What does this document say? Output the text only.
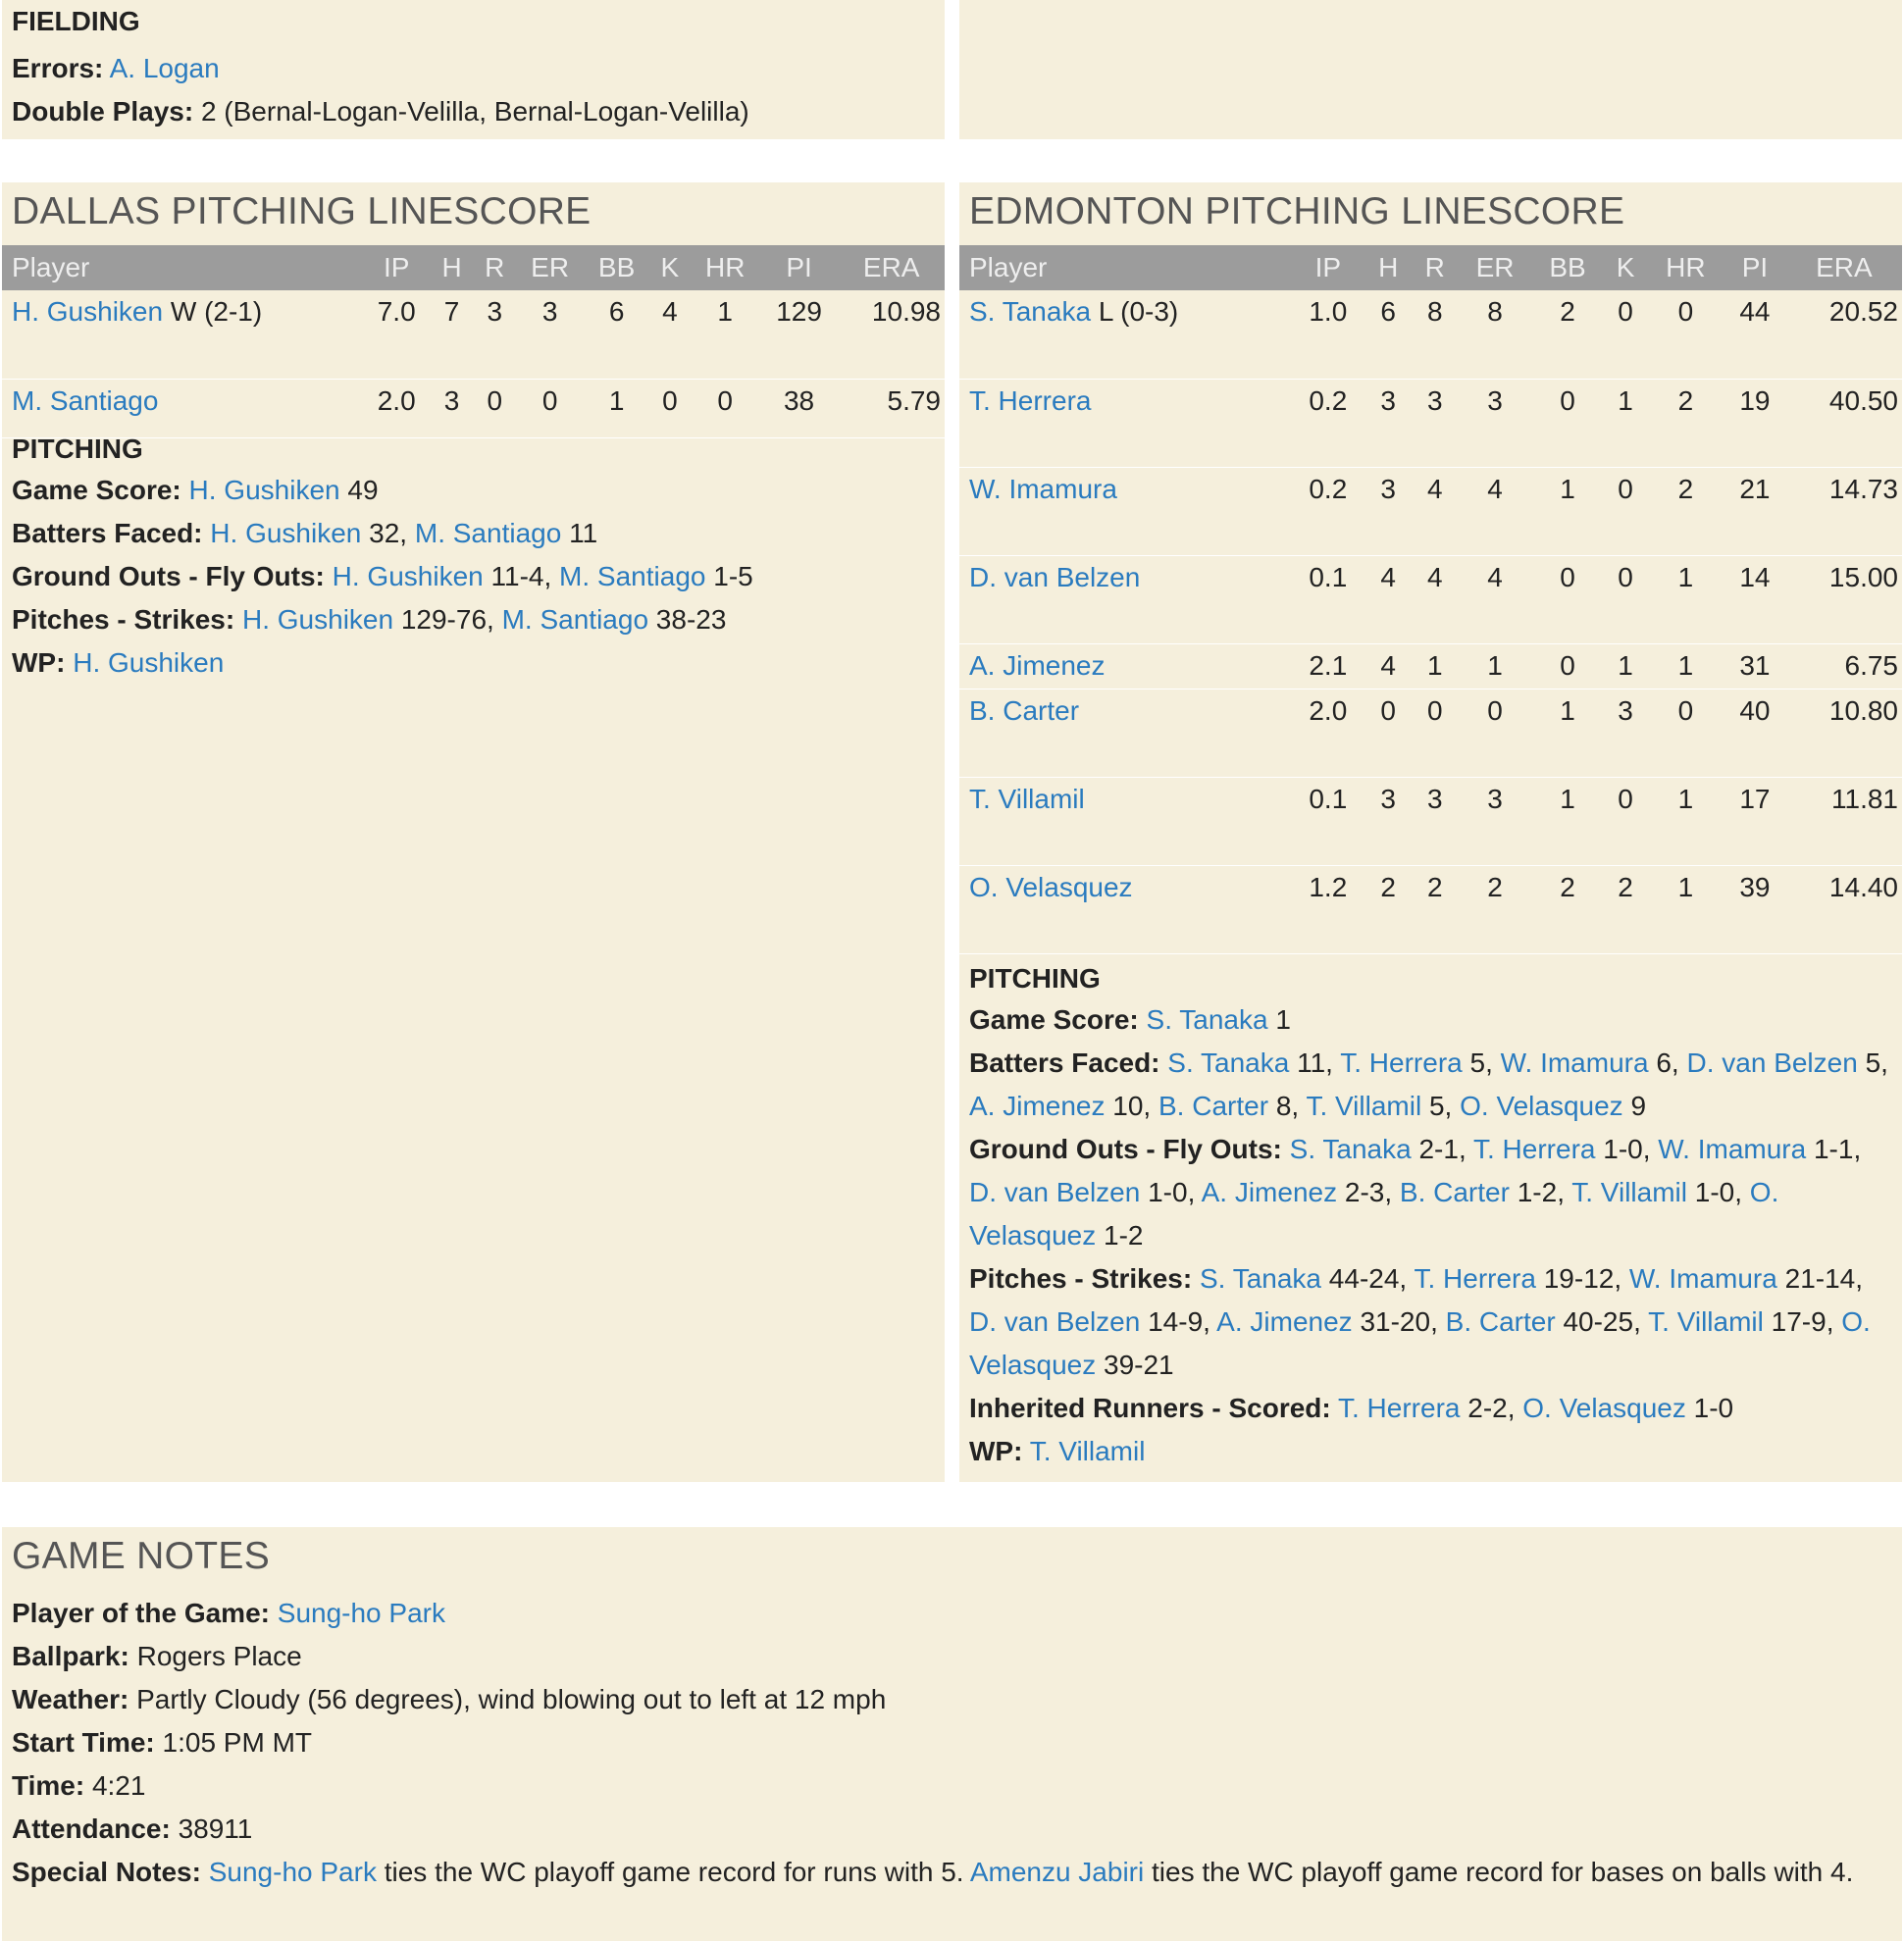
FIELDING
Errors: A. Logan
Double Plays: 2 (Bernal-Logan-Velilla, Bernal-Logan-Velilla)
DALLAS PITCHING LINESCORE
Player	IP	H	R	ER	BB	K	HR	PI	ERA
H. Gushiken W (2-1)	7.0	7	3	3	6	4	1	129	10.98
M. Santiago	2.0	3	0	0	1	0	0	38	5.79
PITCHING
Game Score: H. Gushiken 49
Batters Faced: H. Gushiken 32, M. Santiago 11
Ground Outs - Fly Outs: H. Gushiken 11-4, M. Santiago 1-5
Pitches - Strikes: H. Gushiken 129-76, M. Santiago 38-23
WP: H. Gushiken
EDMONTON PITCHING LINESCORE
Player	IP	H	R	ER	BB	K	HR	PI	ERA
S. Tanaka L (0-3)	1.0	6	8	8	2	0	0	44	20.52
T. Herrera	0.2	3	3	3	0	1	2	19	40.50
W. Imamura	0.2	3	4	4	1	0	2	21	14.73
D. van Belzen	0.1	4	4	4	0	0	1	14	15.00
A. Jimenez	2.1	4	1	1	0	1	1	31	6.75
B. Carter	2.0	0	0	0	1	3	0	40	10.80
T. Villamil	0.1	3	3	3	1	0	1	17	11.81
O. Velasquez	1.2	2	2	2	2	2	1	39	14.40
PITCHING
Game Score: S. Tanaka 1
Batters Faced: S. Tanaka 11, T. Herrera 5, W. Imamura 6, D. van Belzen 5, A. Jimenez 10, B. Carter 8, T. Villamil 5, O. Velasquez 9
Ground Outs - Fly Outs: S. Tanaka 2-1, T. Herrera 1-0, W. Imamura 1-1, D. van Belzen 1-0, A. Jimenez 2-3, B. Carter 1-2, T. Villamil 1-0, O. Velasquez 1-2
Pitches - Strikes: S. Tanaka 44-24, T. Herrera 19-12, W. Imamura 21-14, D. van Belzen 14-9, A. Jimenez 31-20, B. Carter 40-25, T. Villamil 17-9, O. Velasquez 39-21
Inherited Runners - Scored: T. Herrera 2-2, O. Velasquez 1-0
WP: T. Villamil
GAME NOTES
Player of the Game: Sung-ho Park
Ballpark: Rogers Place
Weather: Partly Cloudy (56 degrees), wind blowing out to left at 12 mph
Start Time: 1:05 PM MT
Time: 4:21
Attendance: 38911
Special Notes: Sung-ho Park ties the WC playoff game record for runs with 5. Amenzu Jabiri ties the WC playoff game record for bases on balls with 4.
